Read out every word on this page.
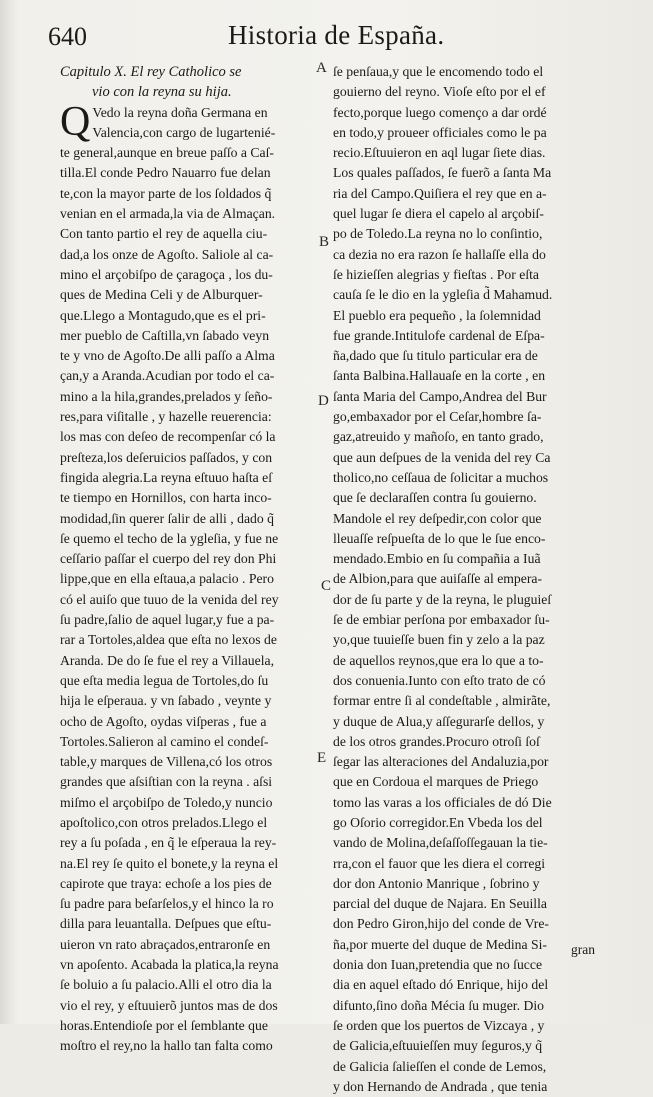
640	Historia de España.
Capitulo X. El rey Catholico se
vio con la reyna su hija.
Q Vedo la reyna doña Germana en
Valencia,con cargo de lugartenié-
te general,aunque en breue paſſo a Caſ-
tilla.El conde Pedro Nauarro fue delan
te,con la mayor parte de los ſoldados q̃
venian en el armada,la via de Almaçan.
Con tanto partio el rey de aquella ciu-
dad,a los onze de Agoſto. Saliole al ca-
mino el arçobiſpo de çaragoça , los du-
ques de Medina Celi y de Alburquer-
que.Llego a Montagudo,que es el pri-
mer pueblo de Caſtilla,vn ſabado veyn
te y vno de Agoſto.De alli paſſo a Alma
çan,y a Aranda.Acudian por todo el ca-
mino a la hila,grandes,prelados y ſeño-
res,para viſitalle , y hazelle reuerencia:
los mas con deſeo de recompenſar có la
preſteza,los deſeruicios paſſados, y con
fingida alegria.La reyna eſtuuo haſta eſ
te tiempo en Hornillos, con harta inco-
modidad,ſin querer ſalir de alli , dado q̃
ſe quemo el techo de la ygleſia, y fue ne
ceſſario paſſar el cuerpo del rey don Phi
lippe,que en ella eſtaua,a palacio . Pero
có el auiſo que tuuo de la venida del rey
ſu padre,ſalio de aquel lugar,y fue a pa-
rar a Tortoles,aldea que eſta no lexos de
Aranda. De do ſe fue el rey a Villauela,
que eſta media legua de Tortoles,do ſu
hija le eſperaua. y vn ſabado , veynte y
ocho de Agoſto, oydas viſperas , fue a
Tortoles.Salieron al camino el condeſ-
table,y marques de Villena,có los otros
grandes que aſsiſtian con la reyna . aſsi
miſmo el arçobiſpo de Toledo,y nuncio
apoſtolico,con otros prelados.Llego el
rey a ſu poſada , en q̃ le eſperaua la rey-
na.El rey ſe quito el bonete,y la reyna el
capirote que traya: echoſe a los pies de
ſu padre para beſarſelos,y el hinco la ro
dilla para leuantalla. Deſpues que eſtu-
uieron vn rato abraçados,entraronſe en
vn apoſento. Acabada la platica,la reyna
ſe boluio a ſu palacio.Alli el otro dia la
vio el rey, y eſtuuierõ juntos mas de dos
horas.Entendioſe por el ſemblante que
moſtro el rey,no la hallo tan falta como
ſe penſaua,y que le encomendo todo el
gouierno del reyno. Vioſe eſto por el ef
fecto,porque luego començo a dar ordé
en todo,y proueer officiales como le pa
recio.Eſtuuieron en aql lugar ſiete dias.
Los quales paſſados, ſe fuerõ a ſanta Ma
ria del Campo.Quiſiera el rey que en a-
quel lugar ſe diera el capelo al arçobiſ-
po de Toledo.La reyna no lo conſintio,
ca dezia no era razon ſe hallaſſe ella do
ſe hizieſſen alegrias y fieſtas . Por eſta
cauſa ſe le dio en la ygleſia d̃ Mahamud.
El pueblo era pequeño , la ſolemnidad
fue grande.Intitulofe cardenal de Eſpa-
ña,dado que ſu titulo particular era de
ſanta Balbina.Hallauaſe en la corte , en
ſanta Maria del Campo,Andrea del Bur
go,embaxador por el Ceſar,hombre ſa-
gaz,atreuido y mañoſo, en tanto grado,
que aun deſpues de la venida del rey Ca
tholico,no ceſſaua de ſolicitar a muchos
que ſe declaraſſen contra ſu gouierno.
Mandole el rey deſpedir,con color que
lleuaſſe reſpueſta de lo que le ſue enco-
mendado.Embio en ſu compañia a Iuã
de Albion,para que auiſaſſe al empera-
dor de ſu parte y de la reyna, le pluguieſ
ſe de embiar perſona por embaxador ſu-
yo,que tuuieſſe buen fin y zelo a la paz
de aquellos reynos,que era lo que a to-
dos conuenia.Iunto con eſto trato de có
formar entre ſi al condeſtable , almirãte,
y duque de Alua,y aſſegurarſe dellos, y
de los otros grandes.Procuro otroſi ſoſ
ſegar las alteraciones del Andaluzia,por
que en Cordoua el marques de Priego
tomo las varas a los officiales de dó Die
go Oſorio corregidor.En Vbeda los del
vando de Molina,deſaſſoſſegauan la tie-
rra,con el fauor que les diera el corregi
dor don Antonio Manrique , ſobrino y
parcial del duque de Najara. En Seuilla
don Pedro Giron,hijo del conde de Vre-
ña,por muerte del duque de Medina Si-
donia don Iuan,pretendia que no ſucce
dia en aquel eſtado dó Enrique, hijo del
difunto,ſino doña Mécia ſu muger. Dio
ſe orden que los puertos de Vizcaya , y
de Galicia,eſtuuieſſen muy ſeguros,y q̃
de Galicia ſalieſſen el conde de Lemos,
y don Hernando de Andrada , que tenia
A
B
D
C
E
gran
